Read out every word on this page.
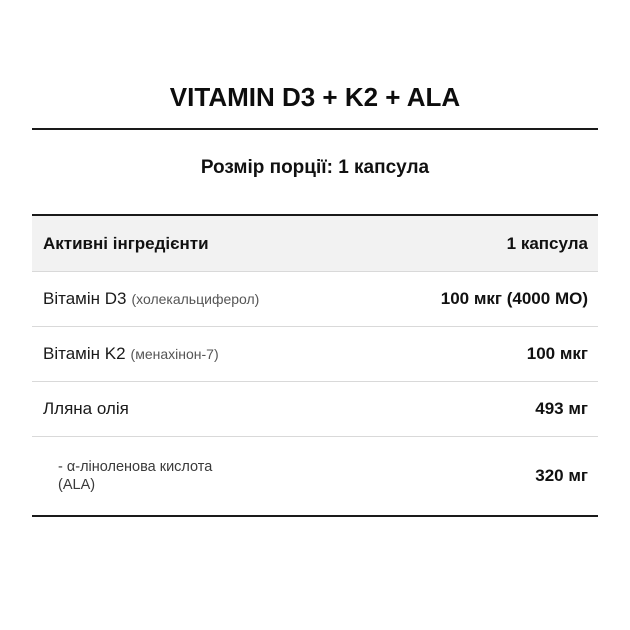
VITAMIN D3 + K2 + ALA
Розмір порції: 1 капсула
Активні інгредієнти	1 капсула
Вітамін D3 (холекальциферол)	100 мкг (4000 МО)
Вітамін K2 (менахінон-7)	100 мкг
Лляна олія	493 мг
- α-ліноленова кислота
(ALA)	320 мг
